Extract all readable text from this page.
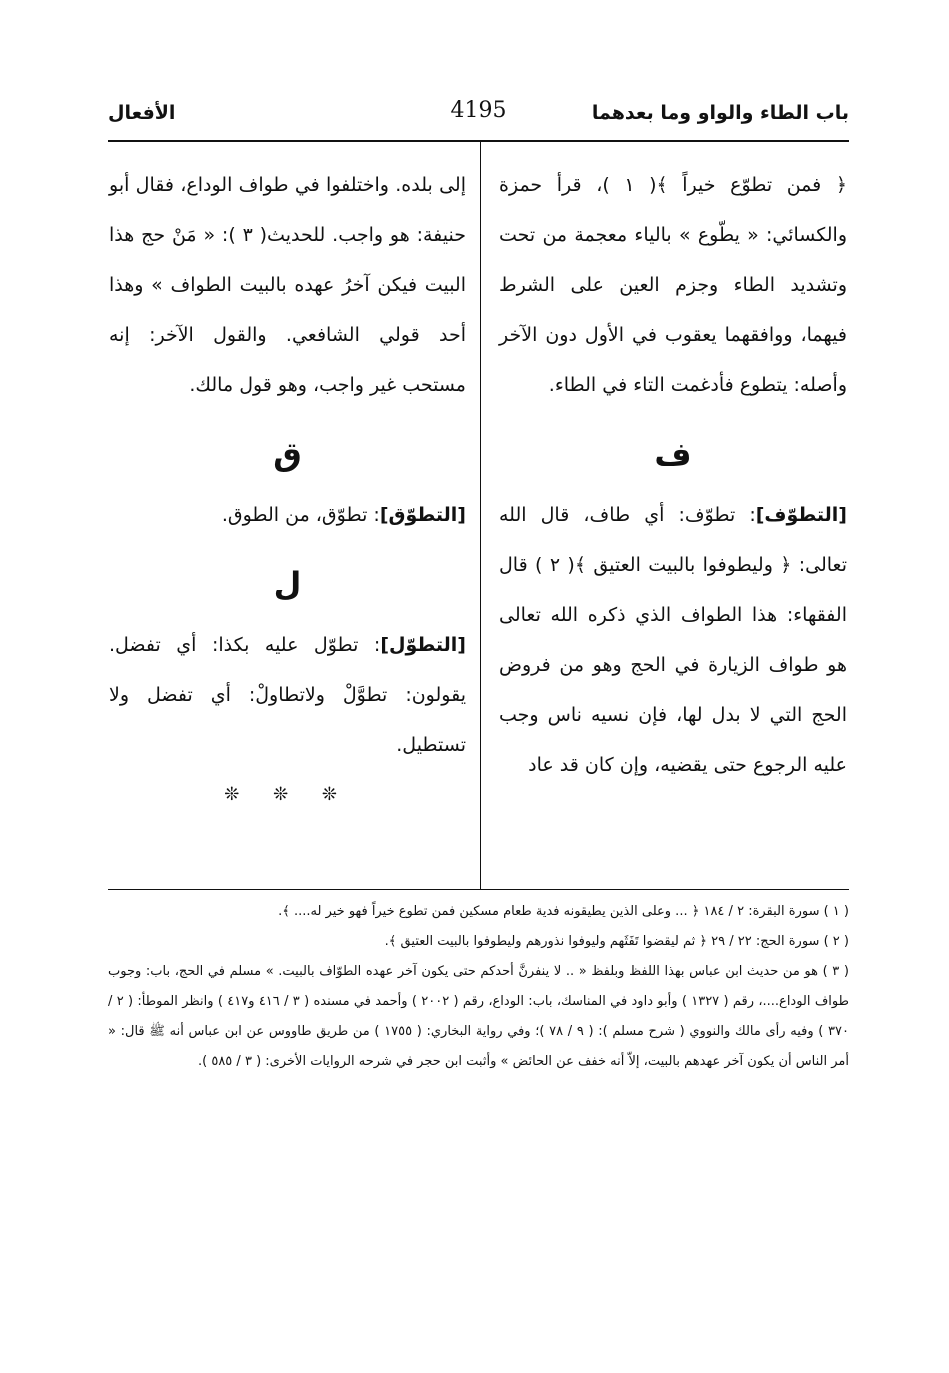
باب الطاء والواو وما بعدهما
4195
الأفعال

﴿ فمن تطوّع خيراً ﴾( ١ )، قرأ حمزة والكسائي: « يطّوع » بالياء معجمة من تحت وتشديد الطاء وجزم العين على الشرط فيهما، ووافقهما يعقوب في الأول دون الآخر وأصله: يتطوع فأدغمت التاء في الطاء.

ف

[التطوّف]: تطوّف: أي طاف، قال الله تعالى: ﴿ وليطوفوا بالبيت العتيق ﴾( ٢ ) قال الفقهاء: هذا الطواف الذي ذكره الله تعالى هو طواف الزيارة في الحج وهو من فروض الحج التي لا بدل لها، فإن نسيه ناس وجب عليه الرجوع حتى يقضيه، وإن كان قد عاد

إلى بلده. واختلفوا في طواف الوداع، فقال أبو حنيفة: هو واجب. للحديث( ٣ ): « مَنْ حج هذا البيت فيكن آخرُ عهده بالبيت الطواف » وهذا أحد قولي الشافعي. والقول الآخر: إنه مستحب غير واجب، وهو قول مالك.

ق

[التطوّق]: تطوّق، من الطوق.

ل

[التطوّل]: تطوّل عليه بكذا: أي تفضل. يقولون: تطوَّلْ ولاتطاولْ: أي تفضل ولا تستطيل.

❊ ❊ ❊

( ١ ) سورة البقرة: ٢ / ١٨٤ ﴿ ... وعلى الذين يطيقونه فدية طعام مسكين فمن تطوع خيراً فهو خير له.... ﴾.

( ٢ ) سورة الحج: ٢٢ / ٢٩ ﴿ ثم ليقضوا تَفَثَهم وليوفوا نذورهم وليطوفوا بالبيت العتيق ﴾.

( ٣ ) هو من حديث ابن عباس بهذا اللفظ وبلفظ « .. لا ينفرنَّ أحدكم حتى يكون آخر عهده الطوّاف بالبيت. » مسلم في الحج، باب: وجوب طواف الوداع....، رقم ( ١٣٢٧ ) وأبو داود في المناسك، باب: الوداع، رقم ( ٢٠٠٢ ) وأحمد في مسنده ( ٣ / ٤١٦ و٤١٧ ) وانظر الموطأ: ( ٢ / ٣٧٠ ) وفيه رأى مالك والنووي ( شرح مسلم ): ( ٩ / ٧٨ )؛ وفي رواية البخاري: ( ١٧٥٥ ) من طريق طاووس عن ابن عباس أنه ﷺ قال: « أمر الناس أن يكون آخر عهدهم بالبيت، إلاّ أنه خفف عن الحائض » وأثبت ابن حجر في شرحه الروايات الأخرى: ( ٣ / ٥٨٥ ).
